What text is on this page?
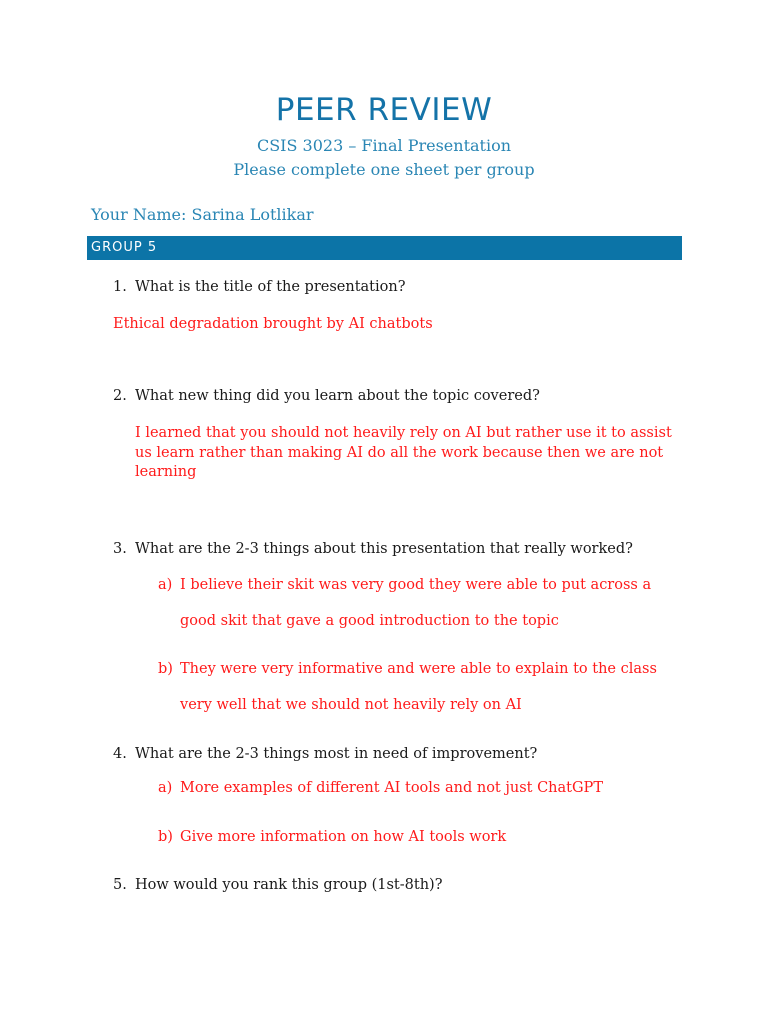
PEER REVIEW
CSIS 3023 – Final Presentation
Please complete one sheet per group
Your Name: Sarina Lotlikar
GROUP 5
1. What is the title of the presentation?
Ethical degradation brought by AI chatbots
2. What new thing did you learn about the topic covered?
I learned that you should not heavily rely on AI but rather use it to assist us learn rather than making AI do all the work because then we are not learning
3. What are the 2-3 things about this presentation that really worked?
a) I believe their skit was very good they were able to put across a good skit that gave a good introduction to the topic
b) They were very informative and were able to explain to the class very well that we should not heavily rely on AI
4. What are the 2-3 things most in need of improvement?
a) More examples of different AI tools and not just ChatGPT
b) Give more information on how AI tools work
5. How would you rank this group (1st-8th)?
